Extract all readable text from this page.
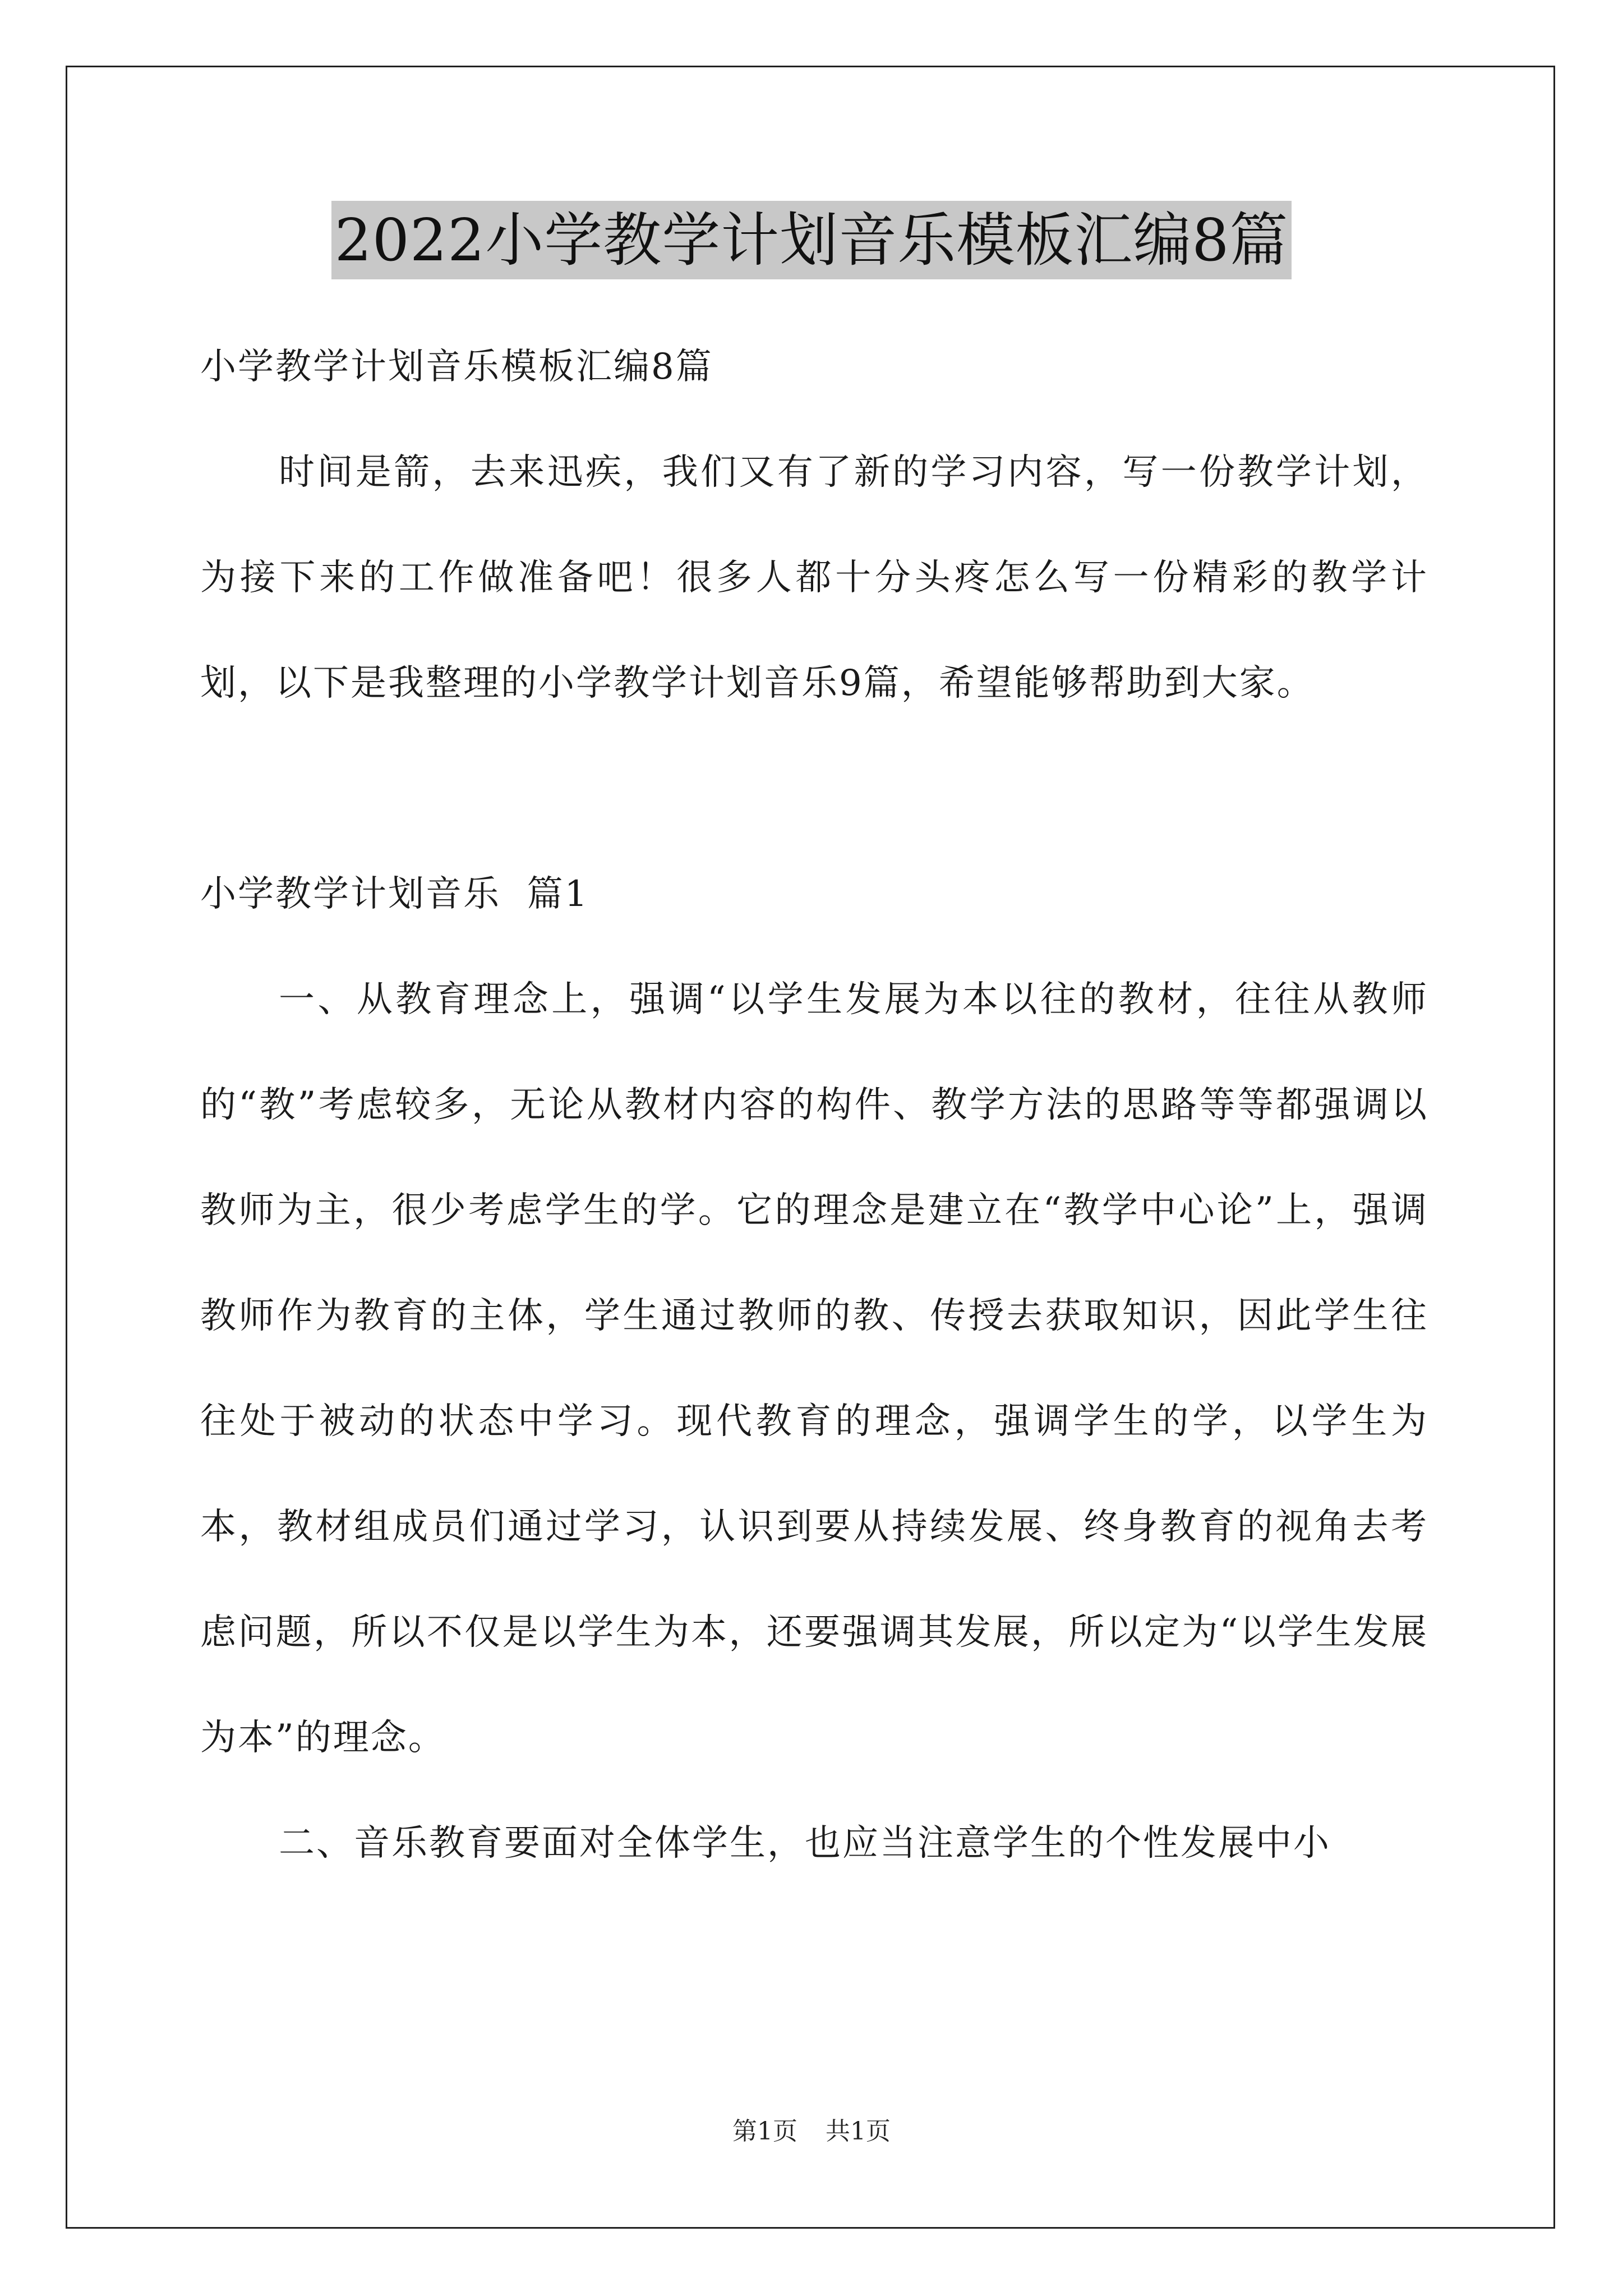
2022小学教学计划音乐模板汇编8篇

小学教学计划音乐模板汇编8篇

时间是箭，去来迅疾，我们又有了新的学习内容，写一份教学计划，为接下来的工作做准备吧！很多人都十分头疼怎么写一份精彩的教学计划，以下是我整理的小学教学计划音乐9篇，希望能够帮助到大家。

小学教学计划音乐  篇1

一、从教育理念上，强调“以学生发展为本以往的教材，往往从教师的“教”考虑较多，无论从教材内容的构件、教学方法的思路等等都强调以教师为主，很少考虑学生的学。它的理念是建立在“教学中心论”上，强调教师作为教育的主体，学生通过教师的教、传授去获取知识，因此学生往往处于被动的状态中学习。现代教育的理念，强调学生的学，以学生为本，教材组成员们通过学习，认识到要从持续发展、终身教育的视角去考虑问题，所以不仅是以学生为本，还要强调其发展，所以定为“以学生发展为本”的理念。

二、音乐教育要面对全体学生，也应当注意学生的个性发展中小

第1页 共1页
